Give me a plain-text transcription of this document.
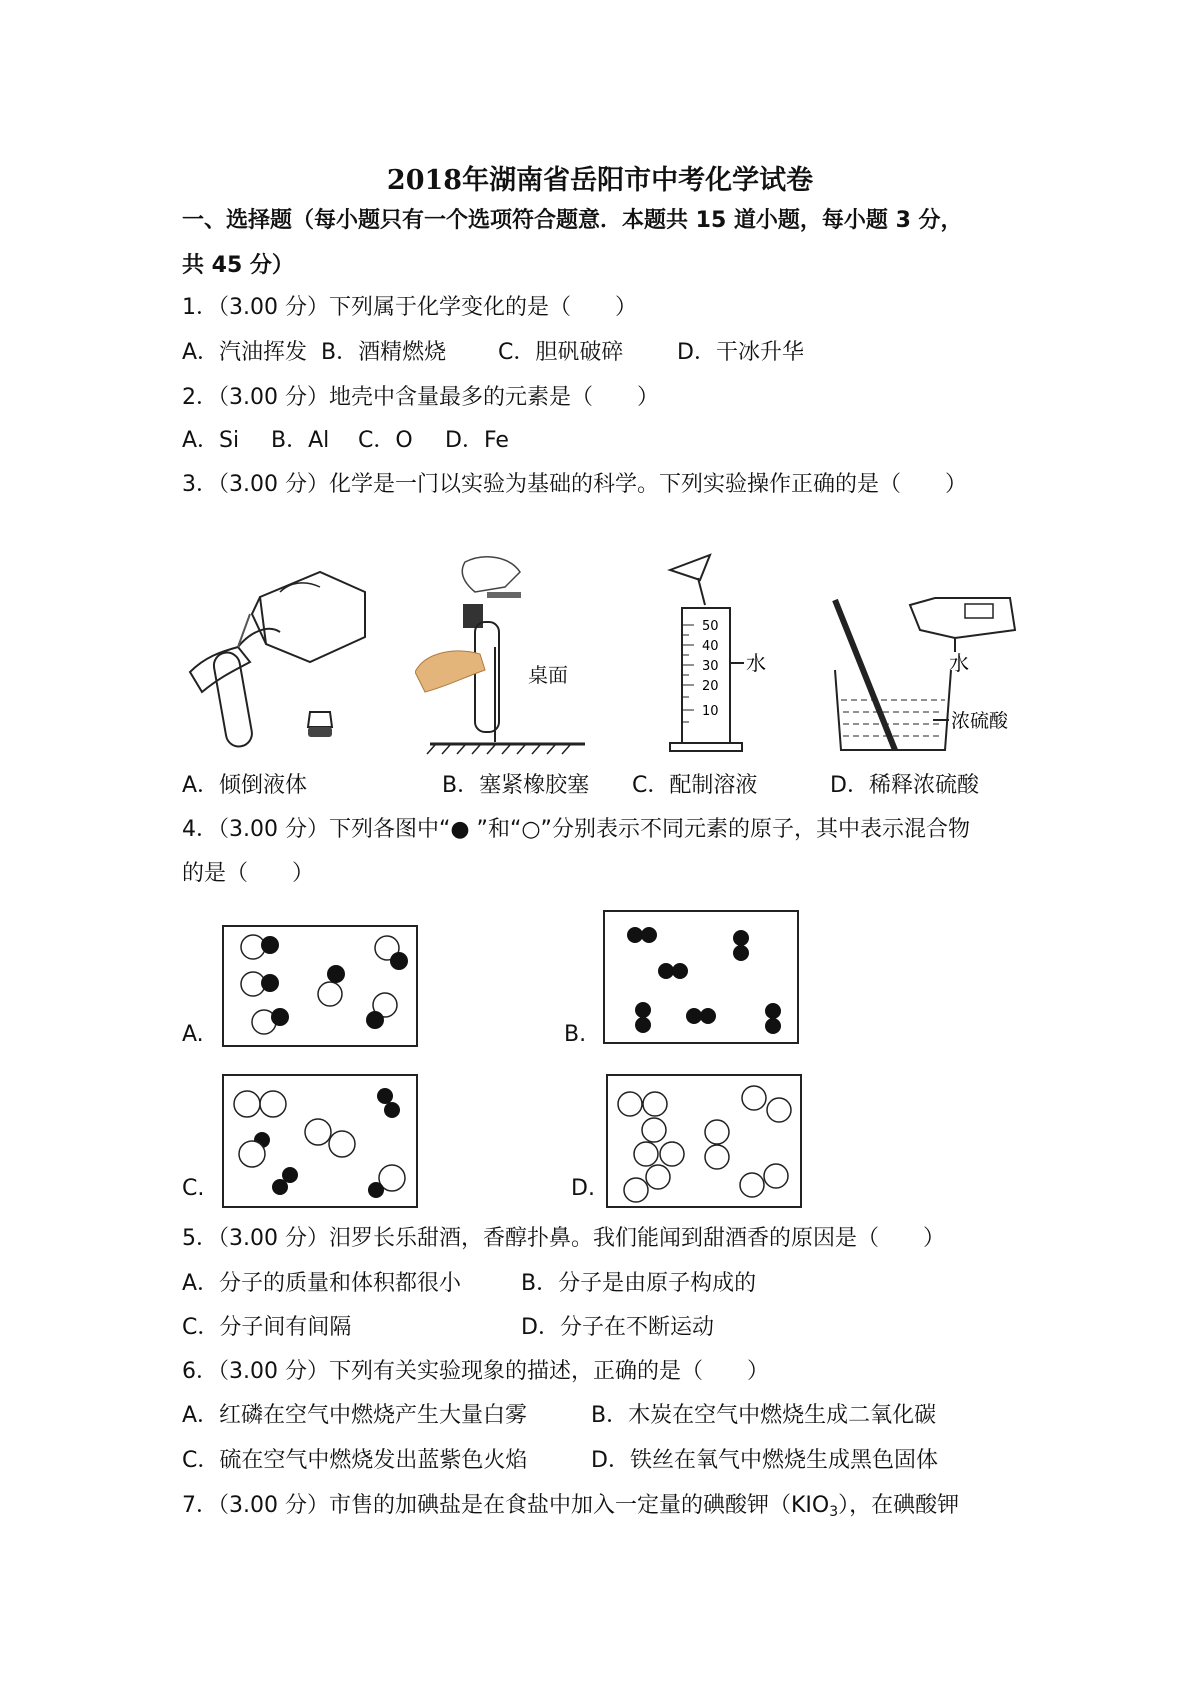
2018年湖南省岳阳市中考化学试卷
一、选择题（每小题只有一个选项符合题意．本题共 15 道小题，每小题 3 分，
共 45 分）
1．（3.00 分）下列属于化学变化的是（　　）
A．汽油挥发 B．酒精燃烧 C．胆矾破碎 D．干冰升华
2．（3.00 分）地壳中含量最多的元素是（　　）
A．Si B．Al C．O D．Fe
3．（3.00 分）化学是一门以实验为基础的科学。下列实验操作正确的是（　　）
桌面
50
40
30
20
10
水	水
浓硫酸
A．倾倒液体	B．塞紧橡胶塞 C．配制溶液	D．稀释浓硫酸
4．（3.00 分）下列各图中“● ”和“○”分别表示不同元素的原子，其中表示混合物
的是（　　）
A.	B.
C.	D.
5．（3.00 分）汨罗长乐甜酒，香醇扑鼻。我们能闻到甜酒香的原因是（　　）
A．分子的质量和体积都很小	B．分子是由原子构成的
C．分子间有间隔	D．分子在不断运动
6．（3.00 分）下列有关实验现象的描述，正确的是（　　）
A．红磷在空气中燃烧产生大量白雾	B．木炭在空气中燃烧生成二氧化碳
C．硫在空气中燃烧发出蓝紫色火焰	D．铁丝在氧气中燃烧生成黑色固体
7．（3.00 分）市售的加碘盐是在食盐中加入一定量的碘酸钾$(KIO_3)$，在碘酸钾
